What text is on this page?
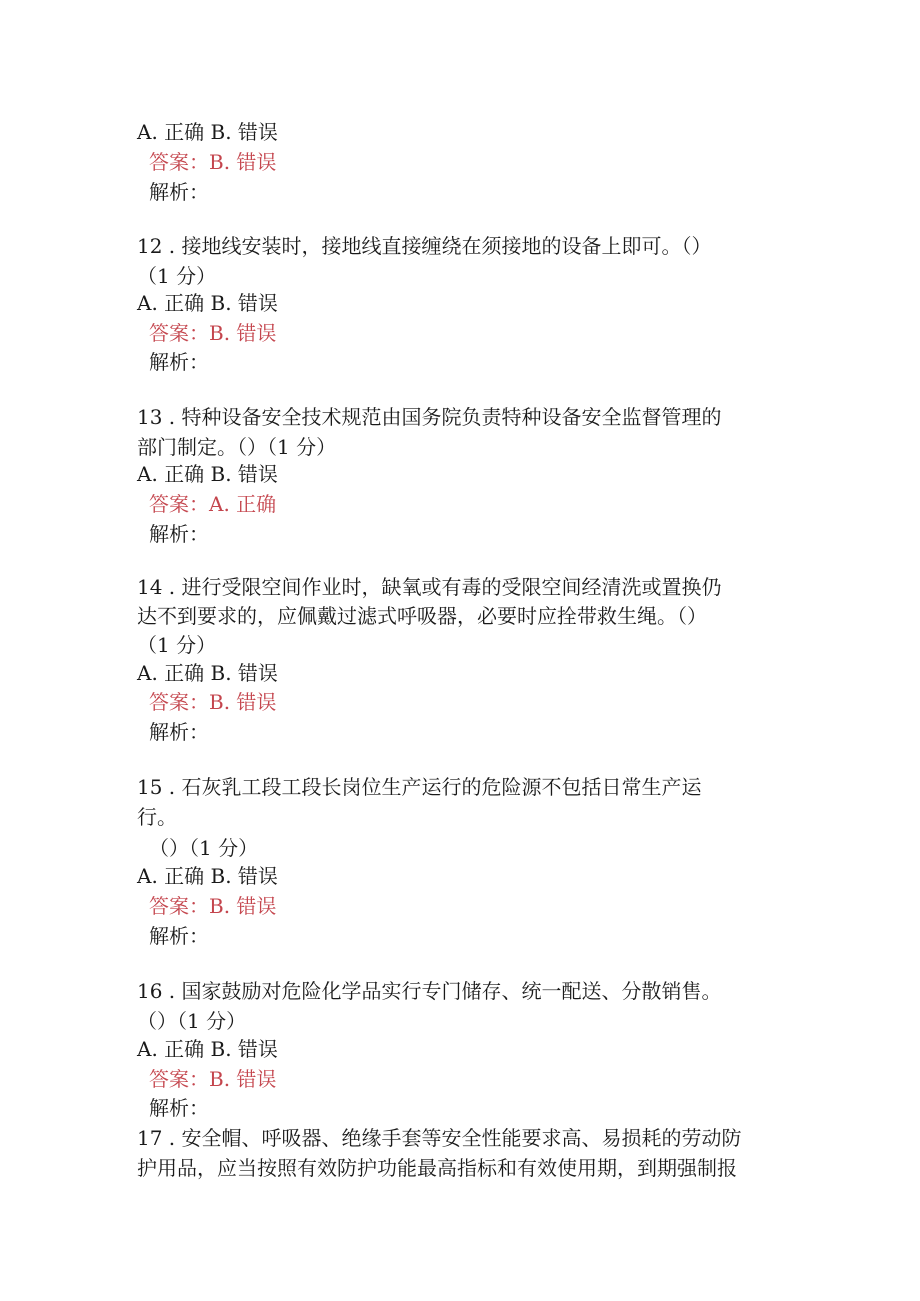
A. 正确 B. 错误
答案：B. 错误
解析：
12 . 接地线安装时，接地线直接缠绕在须接地的设备上即可。（）
（1 分）
A. 正确 B. 错误
答案：B. 错误
解析：
13 . 特种设备安全技术规范由国务院负责特种设备安全监督管理的
部门制定。（）（1 分）
A. 正确 B. 错误
答案：A. 正确
解析：
14 . 进行受限空间作业时，缺氧或有毒的受限空间经清洗或置换仍
达不到要求的，应佩戴过滤式呼吸器，必要时应拴带救生绳。（）
（1 分）
A. 正确 B. 错误
答案：B. 错误
解析：
15 . 石灰乳工段工段长岗位生产运行的危险源不包括日常生产运
行。
（）（1 分）
A. 正确 B. 错误
答案：B. 错误
解析：
16 . 国家鼓励对危险化学品实行专门储存、统一配送、分散销售。
（）（1 分）
A. 正确 B. 错误
答案：B. 错误
解析：
17 . 安全帽、呼吸器、绝缘手套等安全性能要求高、易损耗的劳动防
护用品，应当按照有效防护功能最高指标和有效使用期，到期强制报
